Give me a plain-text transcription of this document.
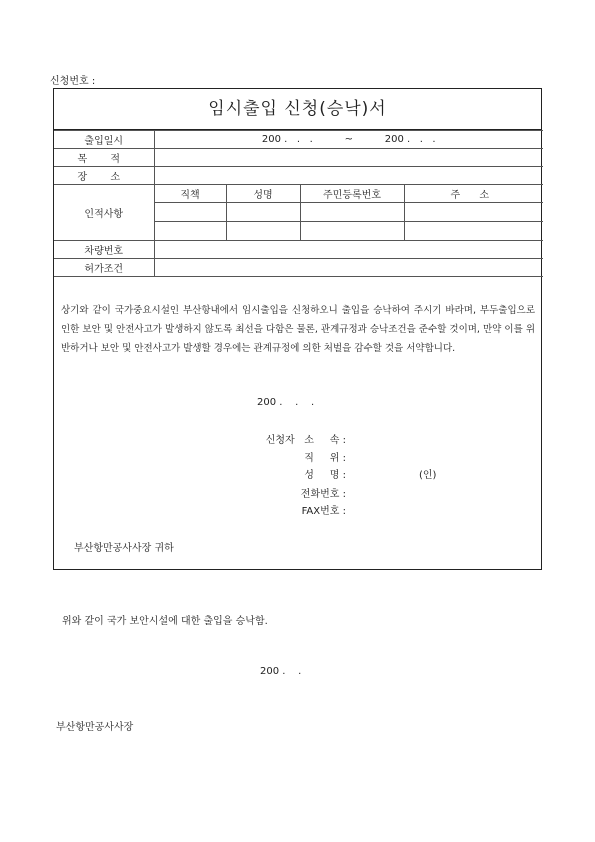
신청번호 :
임시출입 신청(승낙)서
출입일시	200 .   .   .          ~          200 .   .   .			
목 적				
장 소				
인적사항	직책	성명	주민등록번호	주 소

차량번호				
허가조건				
상기와 같이 국가중요시설인 부산항내에서 임시출입을 신청하오니 출입을 승낙하여 주시기 바라며, 부두출입으로 인한 보안 및 안전사고가 발생하지 않도록 최선을 다함은 물론, 관계규정과 승낙조건을 준수할 것이며, 만약 이를 위반하거나 보안 및 안전사고가 발생할 경우에는 관계규정에 의한 처벌을 감수할 것을 서약합니다.
200 .    .    .
신청자   소     속 :
직     위 :
성     명 :	(인)
전화번호 :
FAX번호 :
부산항만공사사장 귀하
위와 같이 국가 보안시설에 대한 출입을 승낙함.
200 .    .
부산항만공사사장
